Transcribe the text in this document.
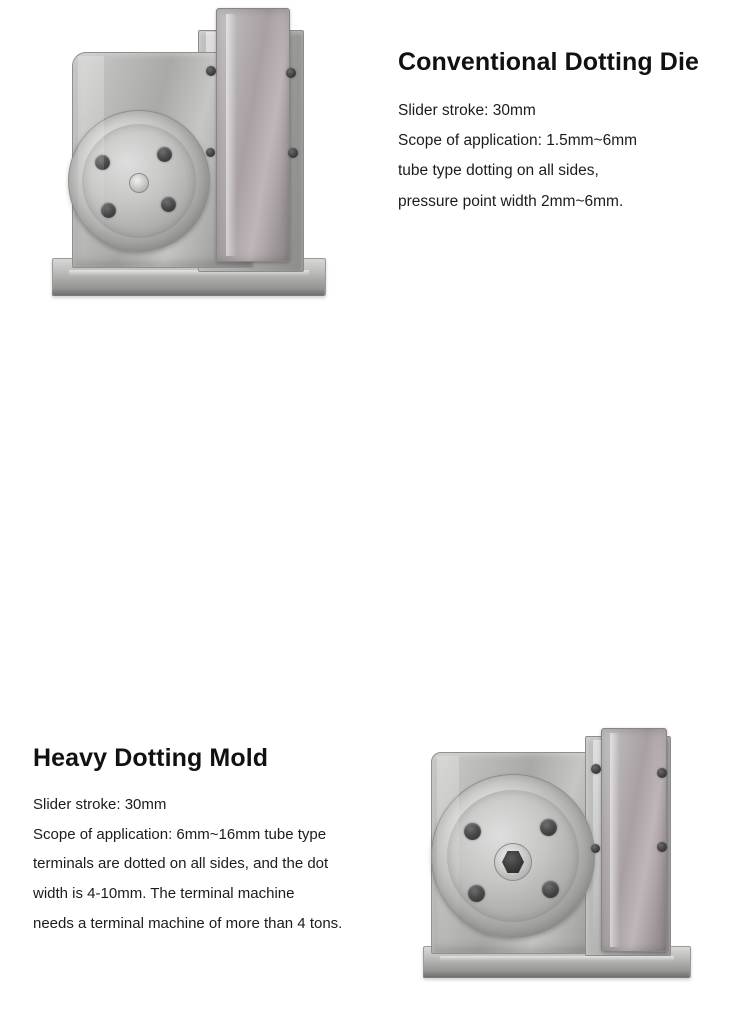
Conventional Dotting Die

Slider stroke: 30mm
Scope of application: 1.5mm~6mm
tube type dotting on all sides,
pressure point width 2mm~6mm.

Heavy Dotting Mold

Slider stroke: 30mm
Scope of application: 6mm~16mm tube type
terminals are dotted on all sides, and the dot
width is 4-10mm. The terminal machine
needs a terminal machine of more than 4 tons.
